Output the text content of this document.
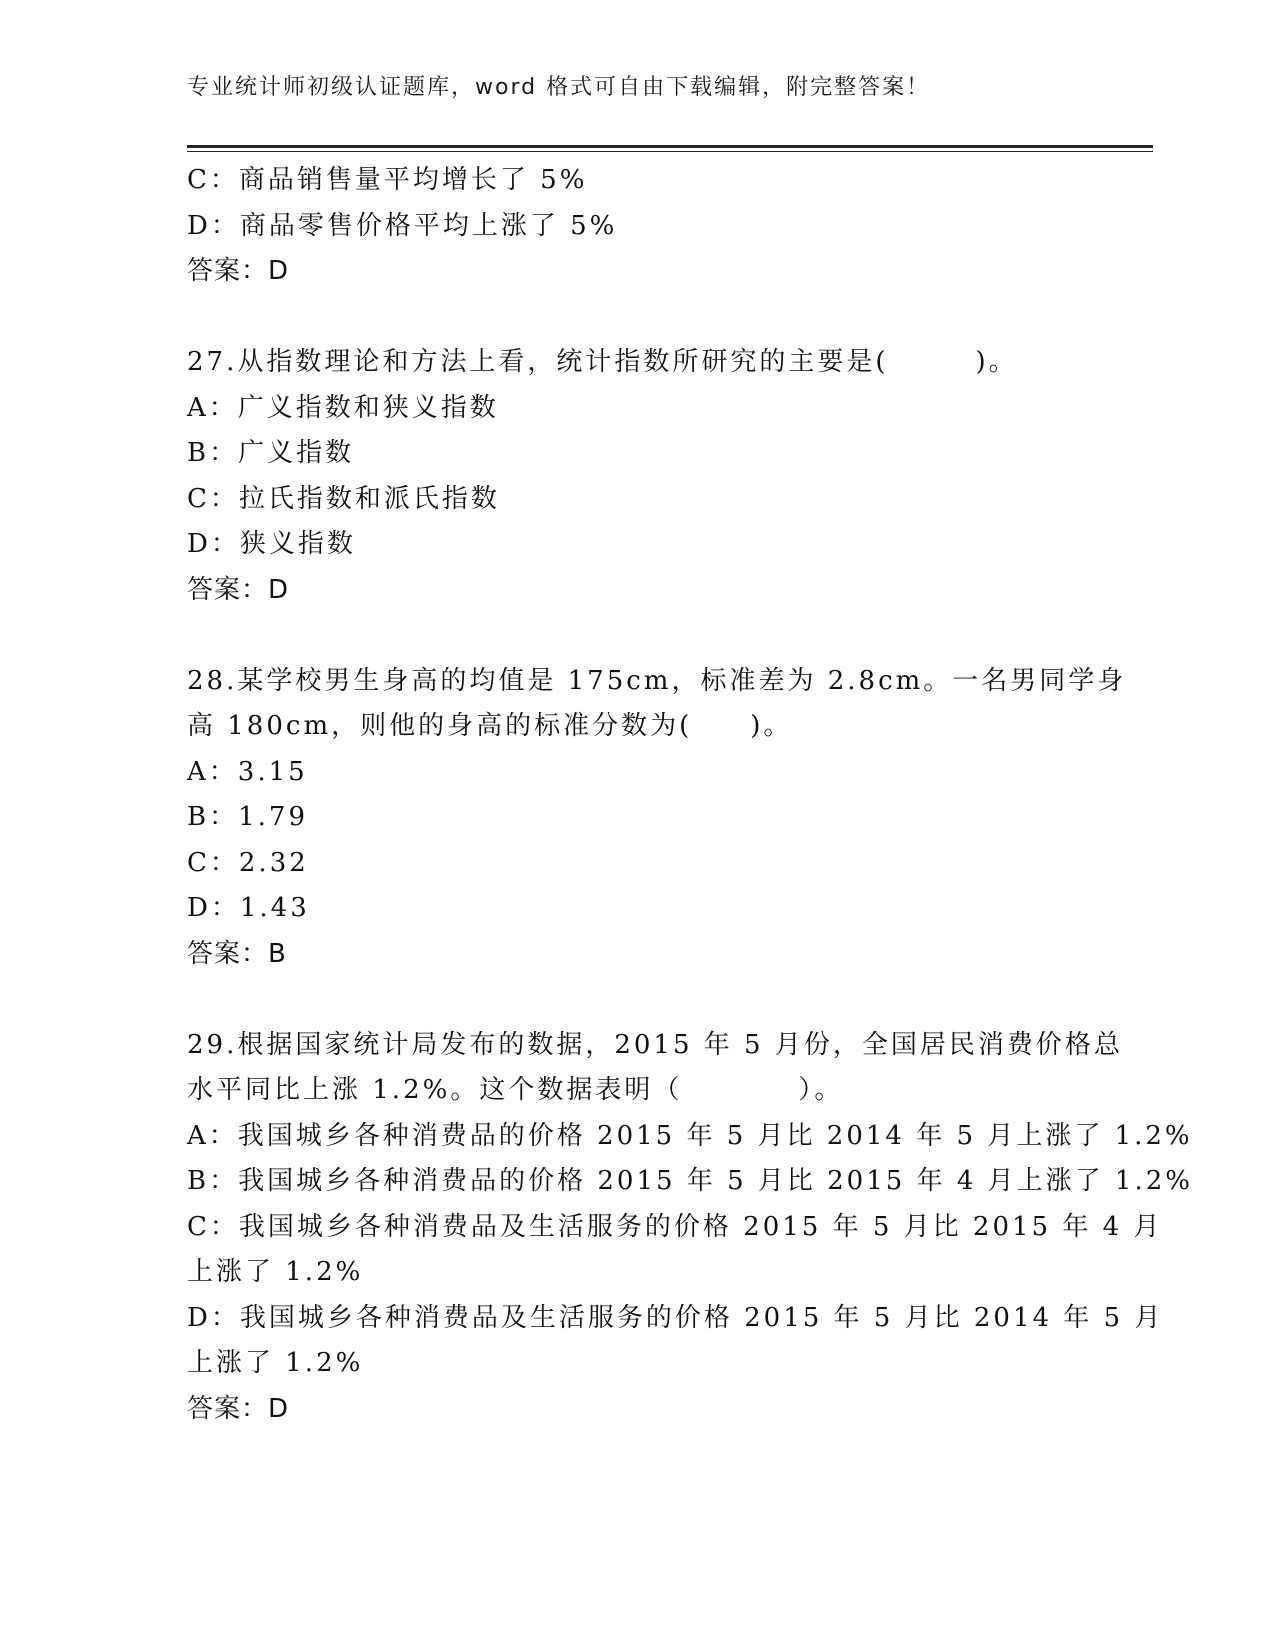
专业统计师初级认证题库，word 格式可自由下载编辑，附完整答案！
C：商品销售量平均增长了 5%
D：商品零售价格平均上涨了 5%
答案：D
27.从指数理论和方法上看，统计指数所研究的主要是(　　　)。
A：广义指数和狭义指数
B：广义指数
C：拉氏指数和派氏指数
D：狭义指数
答案：D
28.某学校男生身高的均值是 175cm，标准差为 2.8cm。一名男同学身
高 180cm，则他的身高的标准分数为(　　)。
A：3.15
B：1.79
C：2.32
D：1.43
答案：B
29.根据国家统计局发布的数据，2015 年 5 月份，全国居民消费价格总
水平同比上涨 1.2%。这个数据表明（　　　　）。
A：我国城乡各种消费品的价格 2015 年 5 月比 2014 年 5 月上涨了 1.2%
B：我国城乡各种消费品的价格 2015 年 5 月比 2015 年 4 月上涨了 1.2%
C：我国城乡各种消费品及生活服务的价格 2015 年 5 月比 2015 年 4 月
上涨了 1.2%
D：我国城乡各种消费品及生活服务的价格 2015 年 5 月比 2014 年 5 月
上涨了 1.2%
答案：D
